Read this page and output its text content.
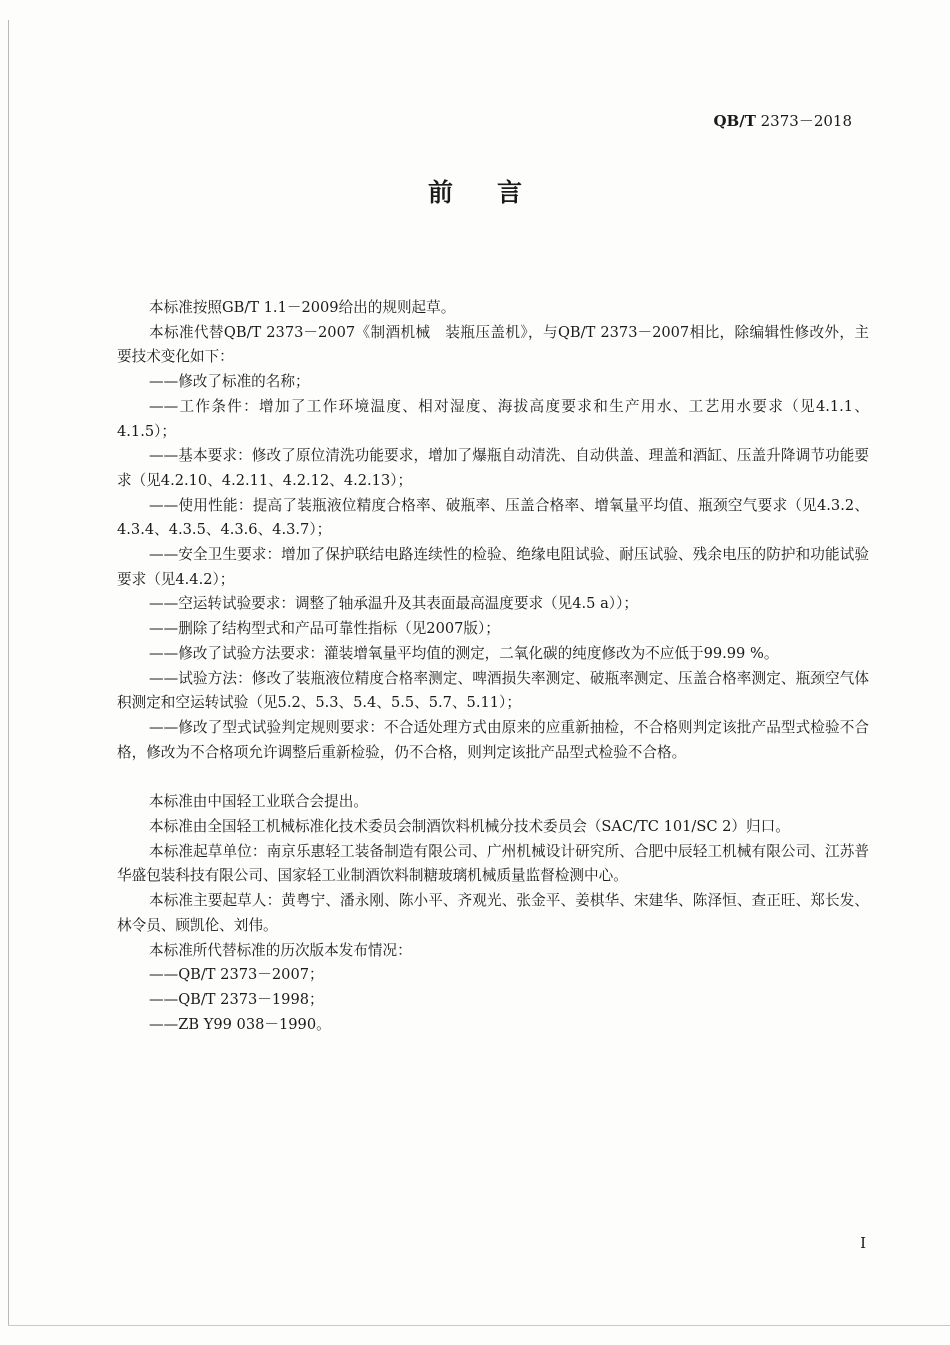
QB/T 2373－2018
前言

本标准按照GB/T 1.1－2009给出的规则起草。

本标准代替QB/T 2373－2007《制酒机械　装瓶压盖机》，与QB/T 2373－2007相比，除编辑性修改外，主要技术变化如下：

——修改了标准的名称；

——工作条件：增加了工作环境温度、相对湿度、海拔高度要求和生产用水、工艺用水要求（见4.1.1、4.1.5）；

——基本要求：修改了原位清洗功能要求，增加了爆瓶自动清洗、自动供盖、理盖和酒缸、压盖升降调节功能要求（见4.2.10、4.2.11、4.2.12、4.2.13）；

——使用性能：提高了装瓶液位精度合格率、破瓶率、压盖合格率、增氧量平均值、瓶颈空气要求（见4.3.2、4.3.4、4.3.5、4.3.6、4.3.7）；

——安全卫生要求：增加了保护联结电路连续性的检验、绝缘电阻试验、耐压试验、残余电压的防护和功能试验要求（见4.4.2）；

——空运转试验要求：调整了轴承温升及其表面最高温度要求（见4.5 a））；

——删除了结构型式和产品可靠性指标（见2007版）；

——修改了试验方法要求：灌装增氧量平均值的测定，二氧化碳的纯度修改为不应低于99.99 %。

——试验方法：修改了装瓶液位精度合格率测定、啤酒损失率测定、破瓶率测定、压盖合格率测定、瓶颈空气体积测定和空运转试验（见5.2、5.3、5.4、5.5、5.7、5.11）；

——修改了型式试验判定规则要求：不合适处理方式由原来的应重新抽检，不合格则判定该批产品型式检验不合格，修改为不合格项允许调整后重新检验，仍不合格，则判定该批产品型式检验不合格。

本标准由中国轻工业联合会提出。

本标准由全国轻工机械标准化技术委员会制酒饮料机械分技术委员会（SAC/TC 101/SC 2）归口。

本标准起草单位：南京乐惠轻工装备制造有限公司、广州机械设计研究所、合肥中辰轻工机械有限公司、江苏普华盛包装科技有限公司、国家轻工业制酒饮料制糖玻璃机械质量监督检测中心。

本标准主要起草人：黄粤宁、潘永刚、陈小平、齐观光、张金平、姜棋华、宋建华、陈泽恒、查正旺、郑长发、林令员、顾凯伦、刘伟。

本标准所代替标准的历次版本发布情况：

——QB/T 2373－2007；

——QB/T 2373－1998；

——ZB Y99 038－1990。

I
